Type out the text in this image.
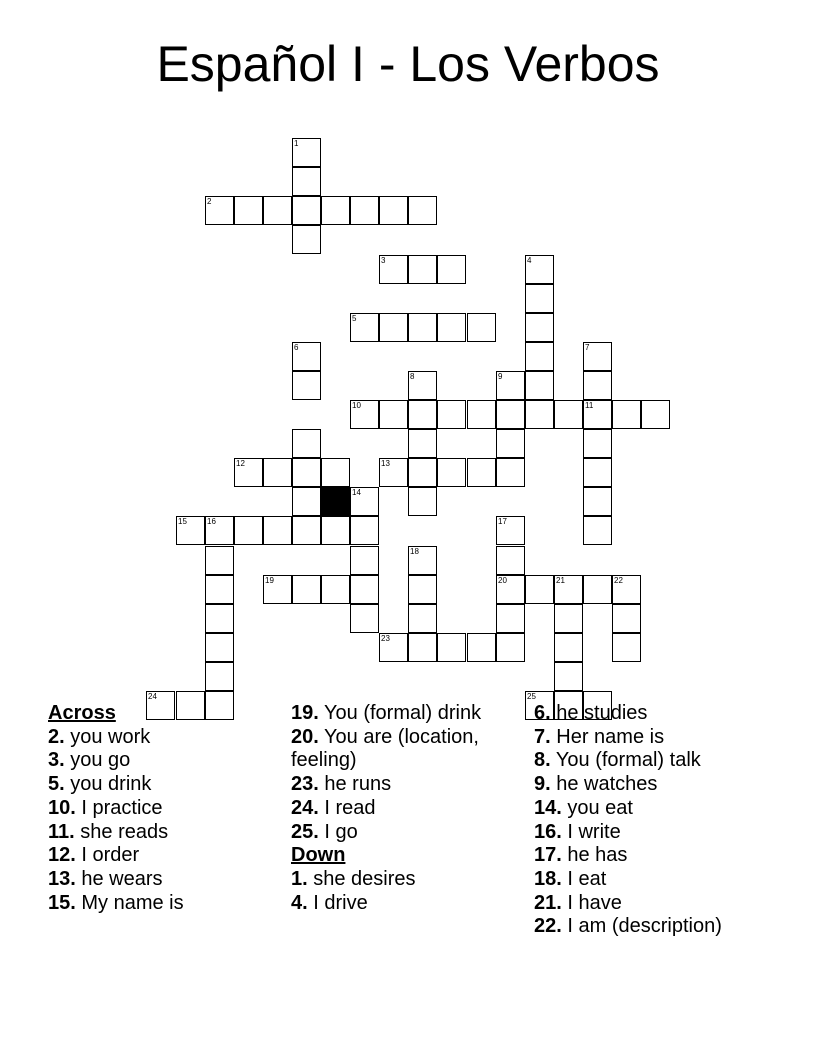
Español I - Los Verbos
1
2
3	4
5
6	7
8	9
10	11
12	13
14
15	16	17
18
19	20	21	22
23
24	25
Across
2. you work
3. you go
5. you drink
10. I practice
11. she reads
12. I order
13. he wears
15. My name is
19. You (formal) drink
20. You are (location, feeling)
23. he runs
24. I read
25. I go
Down
1. she desires
4. I drive
6. he studies
7. Her name is
8. You (formal) talk
9. he watches
14. you eat
16. I write
17. he has
18. I eat
21. I have
22. I am (description)
